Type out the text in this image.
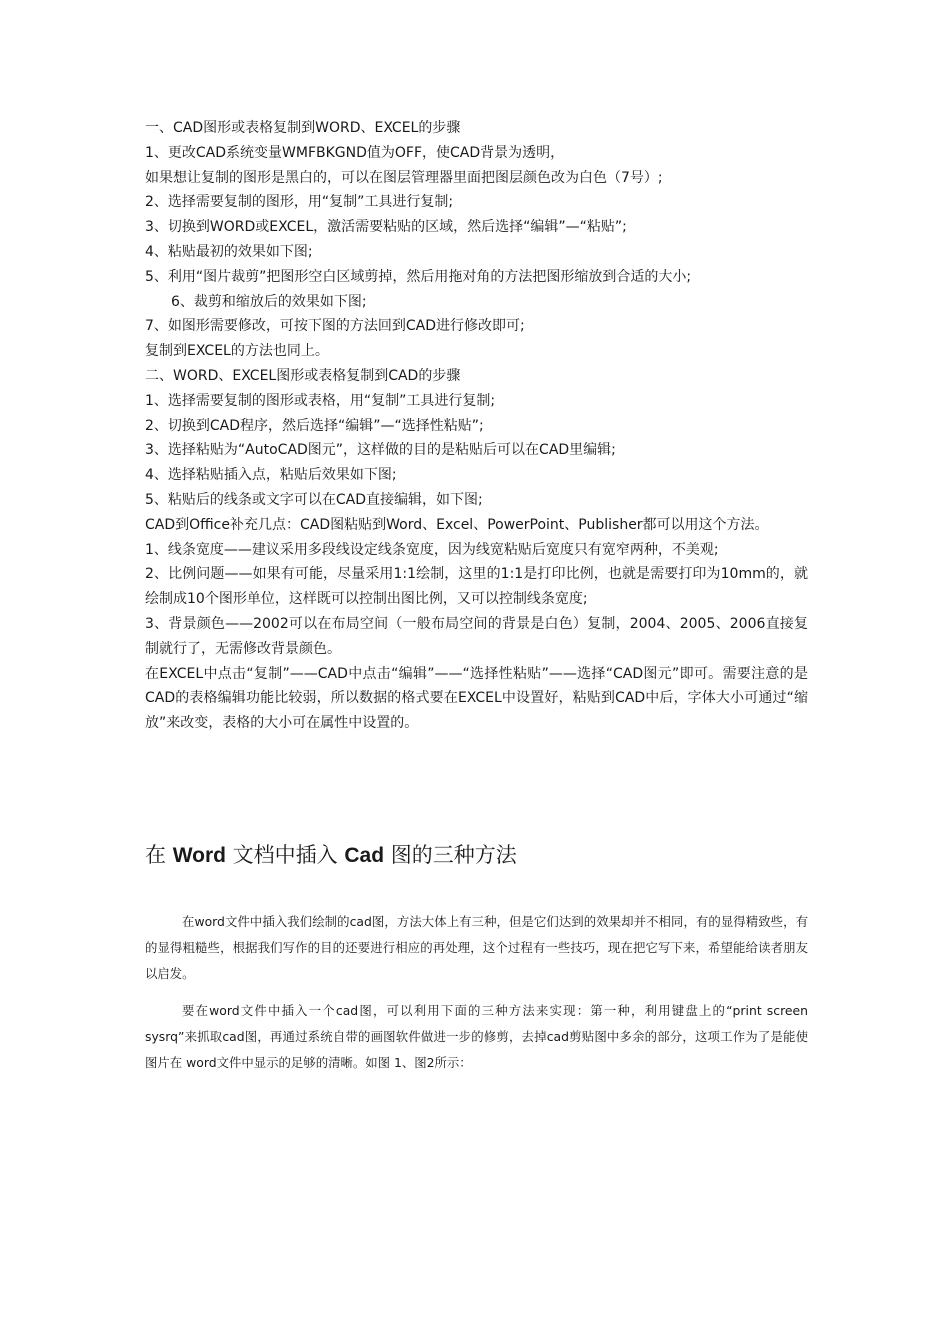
一、CAD图形或表格复制到WORD、EXCEL的步骤

1、更改CAD系统变量WMFBKGND值为OFF，使CAD背景为透明，

如果想让复制的图形是黑白的，可以在图层管理器里面把图层颜色改为白色（7号）;

2、选择需要复制的图形，用“复制”工具进行复制;

3、切换到WORD或EXCEL，激活需要粘贴的区域，然后选择“编辑”—“粘贴”;

4、粘贴最初的效果如下图;

5、利用“图片裁剪”把图形空白区域剪掉，然后用拖对角的方法把图形缩放到合适的大小;

6、裁剪和缩放后的效果如下图;

7、如图形需要修改，可按下图的方法回到CAD进行修改即可;

复制到EXCEL的方法也同上。

二、WORD、EXCEL图形或表格复制到CAD的步骤

1、选择需要复制的图形或表格，用“复制”工具进行复制;

2、切换到CAD程序，然后选择“编辑”—“选择性粘贴”;

3、选择粘贴为“AutoCAD图元”，这样做的目的是粘贴后可以在CAD里编辑;

4、选择粘贴插入点，粘贴后效果如下图;

5、粘贴后的线条或文字可以在CAD直接编辑，如下图;

CAD到Office补充几点：CAD图粘贴到Word、Excel、PowerPoint、Publisher都可以用这个方法。

1、线条宽度——建议采用多段线设定线条宽度，因为线宽粘贴后宽度只有宽窄两种，不美观;

2、比例问题——如果有可能，尽量采用1:1绘制，这里的1:1是打印比例，也就是需要打印为10mm的，就绘制成10个图形单位，这样既可以控制出图比例，又可以控制线条宽度;

3、背景颜色——2002可以在布局空间（一般布局空间的背景是白色）复制，2004、2005、2006直接复制就行了，无需修改背景颜色。

在EXCEL中点击“复制”——CAD中点击“编辑”——“选择性粘贴”——选择“CAD图元”即可。需要注意的是CAD的表格编辑功能比较弱，所以数据的格式要在EXCEL中设置好，粘贴到CAD中后，字体大小可通过“缩放”来改变，表格的大小可在属性中设置的。

在 Word 文档中插入 Cad 图的三种方法

在word文件中插入我们绘制的cad图，方法大体上有三种，但是它们达到的效果却并不相同，有的显得精致些，有的显得粗糙些，根据我们写作的目的还要进行相应的再处理，这个过程有一些技巧，现在把它写下来，希望能给读者朋友以启发。

要在word文件中插入一个cad图，可以利用下面的三种方法来实现：第一种，利用键盘上的“print screen sysrq”来抓取cad图，再通过系统自带的画图软件做进一步的修剪，去掉cad剪贴图中多余的部分，这项工作为了是能使图片在 word文件中显示的足够的清晰。如图 1、图2所示：
